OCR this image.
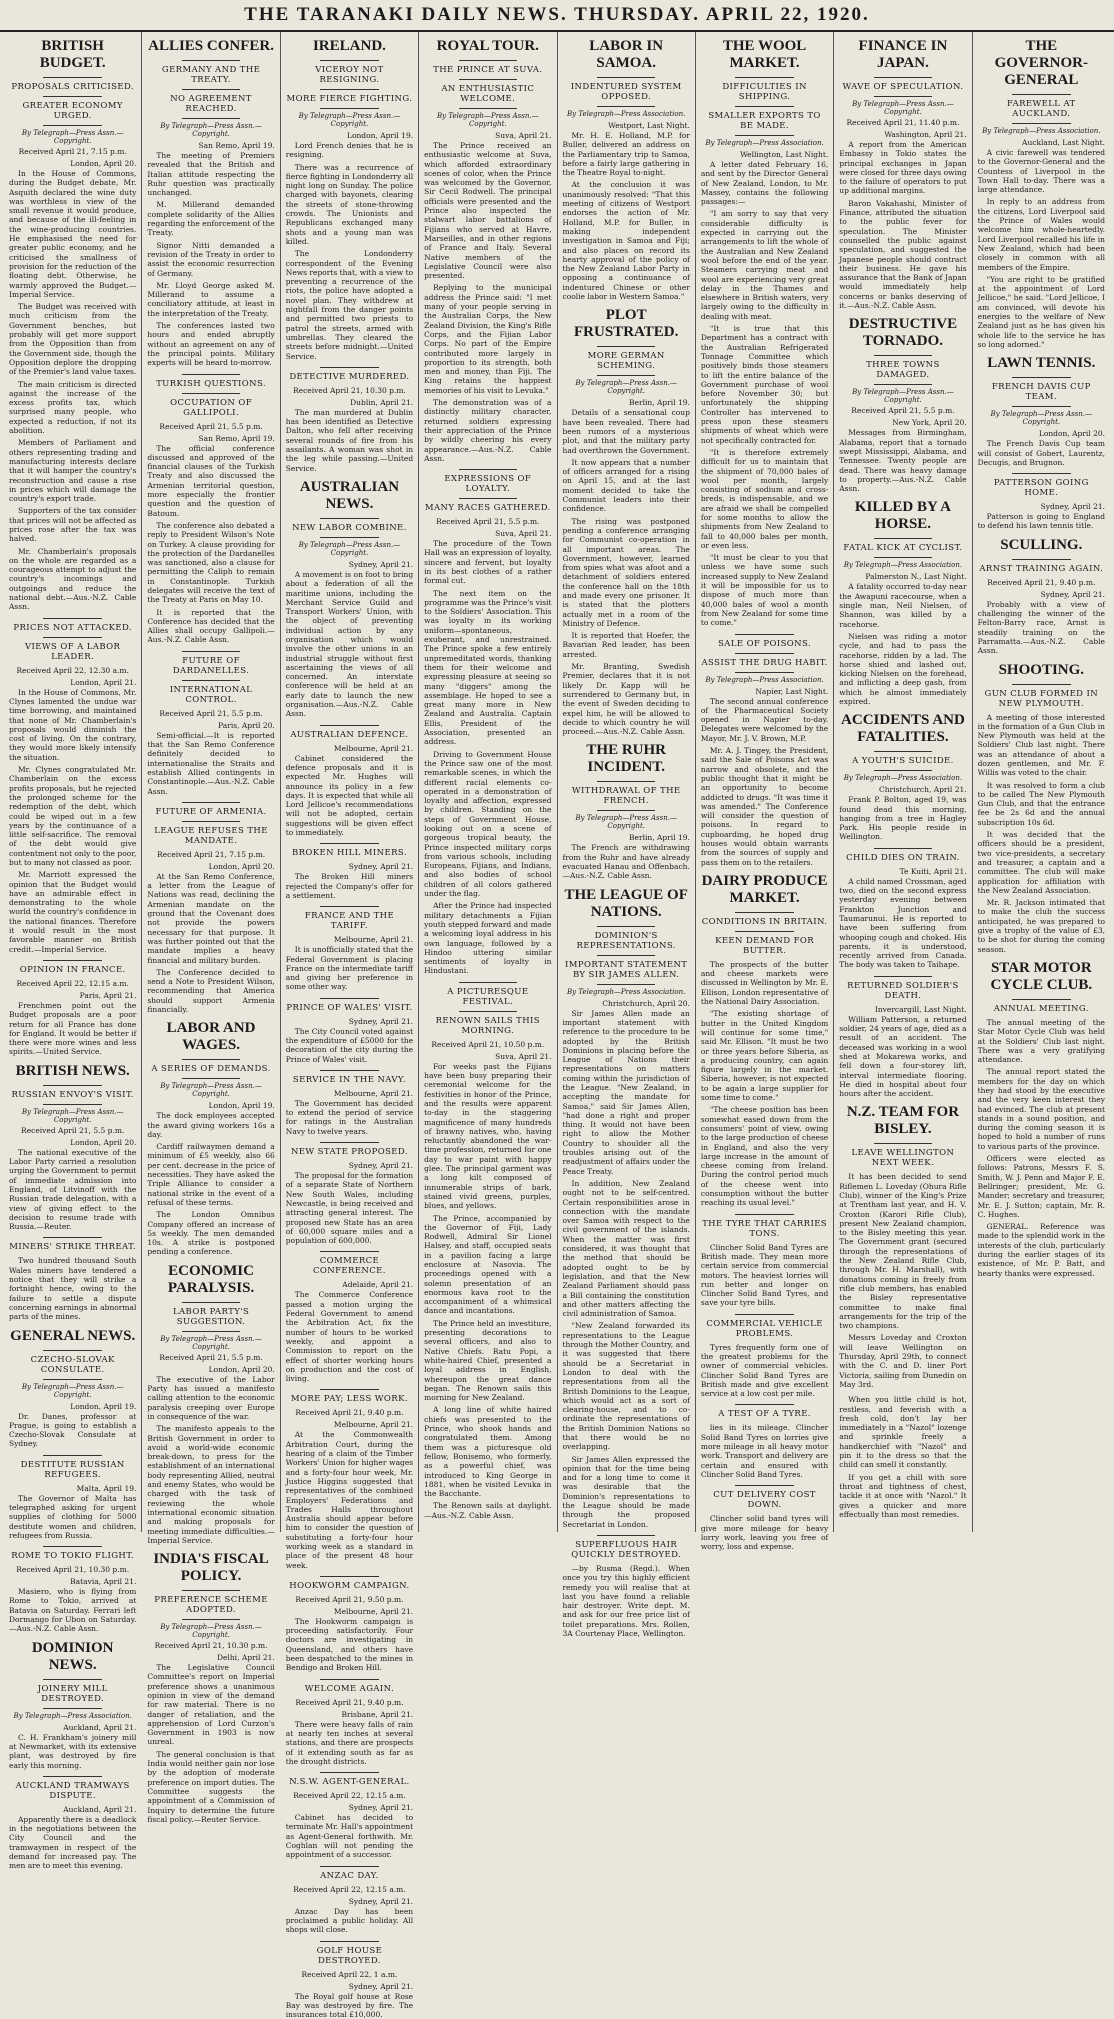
THE TARANAKI DAILY NEWS. THURSDAY. APRIL 22, 1920.
BRITISH BUDGET.
PROPOSALS CRITICISED.
GREATER ECONOMY URGED.
By Telegraph—Press Assn.—Copyright.
Received April 21, 7.15 p.m.
London, April 20.
In the House of Commons, during the Budget debate, Mr. Asquith declared the wine duty was worthless in view of the small revenue it would produce, and because of the ill-feeling in the wine-producing countries. He emphasised the need for greater public economy, and he criticised the smallness of provision for the reduction of the floating debt. Otherwise, he warmly approved the Budget.—Imperial Service.
The Budget was received with much criticism from the Government benches, but probably will get more support from the Opposition than from the Government side, though the Opposition deplore the dropping of the Premier's land value taxes.
The main criticism is directed against the increase of the excess profits tax, which surprised many people, who expected a reduction, if not its abolition.
Members of Parliament and others representing trading and manufacturing interests declare that it will hamper the country's reconstruction and cause a rise in prices which will damage the country's export trade.
Supporters of the tax consider that prices will not be affected as prices rose after the tax was halved.
Mr. Chamberlain's proposals on the whole are regarded as a courageous attempt to adjust the country's incomings and outgoings and reduce the national debt.—Aus.-N.Z. Cable Assn.
PRICES NOT ATTACKED.
VIEWS OF A LABOR LEADER.
Received April 22, 12.30 a.m.
London, April 21.
In the House of Commons, Mr. Clynes lamented the undue war time borrowing, and maintained that none of Mr. Chamberlain's proposals would diminish the cost of living. On the contrary, they would more likely intensify the situation.
Mr. Clynes congratulated Mr. Chamberlain on the excess profits proposals, but he rejected the prolonged scheme for the redemption of the debt, which could be wiped out in a few years by the continuance of a little self-sacrifice. The removal of the debt would give contentment not only to the poor, but to many not classed as poor.
Mr. Marriott expressed the opinion that the Budget would have an admirable effect in demonstrating to the whole world the country's confidence in the national finances. Therefore it would result in the most favorable manner on British credit.—Imperial Service.
OPINION IN FRANCE.
Received April 22, 12.15 a.m.
Paris, April 21.
Frenchmen point out the Budget proposals are a poor return for all France has done for England. It would be better if there were more wines and less spirits.—United Service.
BRITISH NEWS.
RUSSIAN ENVOY'S VISIT.
By Telegraph—Press Assn.—Copyright.
Received April 21, 5.5 p.m.
London, April 20.
The national executive of the Labor Party carried a resolution urging the Government to permit of immediate admission into England, of Litvinoff with the Russian trade delegation, with a view of giving effect to the decision to resume trade with Russia.—Reuter.
MINERS' STRIKE THREAT.
Two hundred thousand South Wales miners have tendered a notice that they will strike a fortnight hence, owing to the failure to settle a dispute concerning earnings in abnormal parts of the mines.
GENERAL NEWS.
CZECHO-SLOVAK CONSULATE.
By Telegraph—Press Assn.—Copyright.
London, April 19.
Dr. Danes, professor at Prague, is going to establish a Czecho-Slovak Consulate at Sydney.
DESTITUTE RUSSIAN REFUGEES.
Malta, April 19.
The Governor of Malta has telegraphed asking for urgent supplies of clothing for 5000 destitute women and children, refugees from Russia.
ROME TO TOKIO FLIGHT.
Received April 21, 10.30 p.m.
Batavia, April 21.
Masiero, who is flying from Rome to Tokio, arrived at Batavia on Saturday. Ferrari left Dormango for Ubon on Saturday.—Aus.-N.Z. Cable Assn.
DOMINION NEWS.
JOINERY MILL DESTROYED.
By Telegraph—Press Association.
Auckland, April 21.
C. H. Frankham's joinery mill at Newmarket, with its extensive plant, was destroyed by fire early this morning.
AUCKLAND TRAMWAYS DISPUTE.
Auckland, April 21.
Apparently there is a deadlock in the negotiations between the City Council and the tramwaymen in respect of the demand for increased pay. The men are to meet this evening.
ALLIES CONFER.
GERMANY AND THE TREATY.
NO AGREEMENT REACHED.
By Telegraph—Press Assn.—Copyright.
San Remo, April 19.
The meeting of Premiers revealed that the British and Italian attitude respecting the Ruhr question was practically unchanged.
M. Millerand demanded complete solidarity of the Allies regarding the enforcement of the Treaty.
Signor Nitti demanded a revision of the Treaty in order to assist the economic resurrection of Germany.
Mr. Lloyd George asked M. Millerand to assume a conciliatory attitude, at least in the interpretation of the Treaty.
The conferences lasted two hours and ended abruptly without an agreement on any of the principal points. Military experts will be heard to-morrow.
TURKISH QUESTIONS.
OCCUPATION OF GALLIPOLI.
Received April 21, 5.5 p.m.
San Remo, April 19.
The official conference discussed and approved of the financial clauses of the Turkish Treaty and also discussed the Armenian territorial question, more especially the frontier question and the question of Batoum.
The conference also debated a reply to President Wilson's Note on Turkey. A clause providing for the protection of the Dardanelles was sanctioned, also a clause for permitting the Caliph to remain in Constantinople. Turkish delegates will receive the text of the Treaty at Paris on May 10.
It is reported that the Conference has decided that the Allies shall occupy Gallipoli.—Aus.-N.Z. Cable Assn.
FUTURE OF DARDANELLES.
INTERNATIONAL CONTROL.
Received April 21, 5.5 p.m.
Paris, April 20.
Semi-official.—It is reported that the San Remo Conference definitely decided to internationalise the Straits and establish Allied contingents in Constantinople.—Aus.-N.Z. Cable Assn.
FUTURE OF ARMENIA.
LEAGUE REFUSES THE MANDATE.
Received April 21, 7.15 p.m.
London, April 20.
At the San Remo Conference, a letter from the League of Nations was read, declining the Armenian mandate on the ground that the Covenant does not provide the powers necessary for that purpose. It was further pointed out that the mandate implies a heavy financial and military burden.
The Conference decided to send a Note to President Wilson, recommending that America should support Armenia financially.
LABOR AND WAGES.
A SERIES OF DEMANDS.
By Telegraph—Press Assn.—Copyright.
London, April 19.
The dock employees accepted the award giving workers 16s a day.
Cardiff railwaymen demand a minimum of £5 weekly, also 66 per cent. decrease in the price of necessities. They have asked the Triple Alliance to consider a national strike in the event of a refusal of these terms.
The London Omnibus Company offered an increase of 5s weekly. The men demanded 10s. A strike is postponed pending a conference.
ECONOMIC PARALYSIS.
LABOR PARTY'S SUGGESTION.
By Telegraph—Press Assn.—Copyright.
Received April 21, 5.5 p.m.
London, April 20.
The executive of the Labor Party has issued a manifesto calling attention to the economic paralysis creeping over Europe in consequence of the war.
The manifesto appeals to the British Government in order to avoid a world-wide economic break-down, to press for the establishment of an international body representing Allied, neutral and enemy States, who would be charged with the task of reviewing the whole international economic situation and making proposals for meeting immediate difficulties.—Imperial Service.
INDIA'S FISCAL POLICY.
PREFERENCE SCHEME ADOPTED.
By Telegraph—Press Assn.—Copyright.
Received April 21, 10.30 p.m.
Delhi, April 21.
The Legislative Council Committee's report on Imperial preference shows a unanimous opinion in view of the demand for raw material. There is no danger of retaliation, and the apprehension of Lord Curzon's Government in 1903 is now unreal.
The general conclusion is that India would neither gain nor lose by the adoption of moderate preference on import duties. The Committee suggests the appointment of a Commission of Inquiry to determine the future fiscal policy.—Reuter Service.
IRELAND.
VICEROY NOT RESIGNING.
MORE FIERCE FIGHTING.
By Telegraph—Press Assn.—Copyright.
London, April 19.
Lord French denies that he is resigning.
There was a recurrence of fierce fighting in Londonderry all night long on Sunday. The police charged with bayonets, clearing the streets of stone-throwing crowds. The Unionists and Republicans exchanged many shots and a young man was killed.
The Londonderry correspondent of the Evening News reports that, with a view to preventing a recurrence of the riots, the police have adopted a novel plan. They withdrew at nightfall from the danger points and permitted two priests to patrol the streets, armed with umbrellas. They cleared the streets before midnight.—United Service.
DETECTIVE MURDERED.
Received April 21, 10.30 p.m.
Dublin, April 21.
The man murdered at Dublin has been identified as Detective Dalton, who fell after receiving several rounds of fire from his assailants. A woman was shot in the leg while passing.—United Service.
AUSTRALIAN NEWS.
NEW LABOR COMBINE.
By Telegraph—Press Assn.—Copyright.
Sydney, April 21.
A movement is on foot to bring about a federation of all the maritime unions, including the Merchant Service Guild and Transport Workers' Union, with the object of preventing individual action by any organisation which would involve the other unions in an industrial struggle without first ascertaining the views of all concerned. An interstate conference will be held at an early date to launch the new organisation.—Aus.-N.Z. Cable Assn.
AUSTRALIAN DEFENCE.
Melbourne, April 21.
Cabinet considered the defence proposals and it is expected Mr. Hughes will announce its policy in a few days. It is expected that while all Lord Jellicoe's recommendations will not be adopted, certain suggestions will be given effect to immediately.
BROKEN HILL MINERS.
Sydney, April 21.
The Broken Hill miners rejected the Company's offer for a settlement.
FRANCE AND THE TARIFF.
Melbourne, April 21.
It is unofficially stated that the Federal Government is placing France on the intermediate tariff and giving her preference in some other way.
PRINCE OF WALES' VISIT.
Sydney, April 21.
The City Council voted against the expenditure of £5000 for the decoration of the city during the Prince of Wales' visit.
SERVICE IN THE NAVY.
Melbourne, April 21.
The Government has decided to extend the period of service for ratings in the Australian Navy to twelve years.
NEW STATE PROPOSED.
Sydney, April 21.
The proposal for the formation of a separate State of Northern New South Wales, including Newcastle, is being received and attracting general interest. The proposed new State has an area of 60,000 square miles and a population of 600,000.
COMMERCE CONFERENCE.
Adelaide, April 21.
The Commerce Conference passed a motion urging the Federal Government to amend the Arbitration Act, fix the number of hours to be worked weekly, and appoint a Commission to report on the effect of shorter working hours on production and the cost of living.
MORE PAY; LESS WORK.
Received April 21, 9.40 p.m.
Melbourne, April 21.
At the Commonwealth Arbitration Court, during the hearing of a claim of the Timber Workers' Union for higher wages and a forty-four hour week, Mr. Justice Higgins suggested that representatives of the combined Employers' Federations and Trades Halls throughout Australia should appear before him to consider the question of substituting a forty-four hour working week as a standard in place of the present 48 hour week.
HOOKWORM CAMPAIGN.
Received April 21, 9.50 p.m.
Melbourne, April 21.
The Hookworm campaign is proceeding satisfactorily. Four doctors are investigating in Queensland, and others have been despatched to the mines in Bendigo and Broken Hill.
WELCOME AGAIN.
Received April 21, 9.40 p.m.
Brisbane, April 21.
There were heavy falls of rain at nearly ten inches at several stations, and there are prospects of it extending south as far as the drought districts.
N.S.W. AGENT-GENERAL.
Received April 22, 12.15 a.m.
Sydney, April 21.
Cabinet has decided to terminate Mr. Hall's appointment as Agent-General forthwith. Mr. Coghlan will not pending the appointment of a successor.
ANZAC DAY.
Received April 22, 12.15 a.m.
Sydney, April 21.
Anzac Day has been proclaimed a public holiday. All shops will close.
GOLF HOUSE DESTROYED.
Received April 22, 1 a.m.
Sydney, April 21.
The Royal golf house at Rose Bay was destroyed by fire. The insurances total £10,000.
ROYAL TOUR.
THE PRINCE AT SUVA.
AN ENTHUSIASTIC WELCOME.
By Telegraph—Press Assn.—Copyright.
Suva, April 21.
The Prince received an enthusiastic welcome at Suva, which afforded extraordinary scenes of color, when the Prince was welcomed by the Governor, Sir Cecil Rodwell. The principal officials were presented and the Prince also inspected the stalwart labor battalions of Fijians who served at Havre, Marseilles, and in other regions of France and Italy. Several Native members of the Legislative Council were also presented.
Replying to the municipal address the Prince said: "I met many of your people serving in the Australian Corps, the New Zealand Division, the King's Rifle Corps, and the Fijian Labor Corps. No part of the Empire contributed more largely in proportion to its strength, both men and money, than Fiji. The King retains the happiest memories of his visit to Levuka."
The demonstration was of a distinctly military character, returned soldiers expressing their appreciation of the Prince by wildly cheering his every appearance.—Aus.-N.Z. Cable Assn.
EXPRESSIONS OF LOYALTY.
MANY RACES GATHERED.
Received April 21, 5.5 p.m.
Suva, April 21.
The procedure of the Town Hall was an expression of loyalty, sincere and fervent, but loyalty in its best clothes of a rather formal cut.
The next item on the programme was the Prince's visit to the Soldiers' Association. This was loyalty in its working uniform—spontaneous, exuberant, and unrestrained. The Prince spoke a few entirely unpremeditated words, thanking them for their welcome and expressing pleasure at seeing so many "diggers" among the assemblage. He hoped to see a great many more in New Zealand and Australia. Captain Ellis, President of the Association, presented an address.
Driving to Government House the Prince saw one of the most remarkable scenes, in which the different racial elements co-operated in a demonstration of loyalty and affection, expressed by children. Standing on the steps of Government House, looking out on a scene of gorgeous tropical beauty, the Prince inspected military corps from various schools, including Europeans, Fijians, and Indians, and also bodies of school children of all colors gathered under the flag.
After the Prince had inspected military detachments a Fijian youth stepped forward and made a welcoming loyal address in his own language, followed by a Hindoo uttering similar sentiments of loyalty in Hindustani.
A PICTURESQUE FESTIVAL.
RENOWN SAILS THIS MORNING.
Received April 21, 10.50 p.m.
Suva, April 21.
For weeks past the Fijians have been busy preparing their ceremonial welcome for the festivities in honor of the Prince, and the results were apparent to-day in the staggering magnificence of many hundreds of brawny natives, who, having reluctantly abandoned the war-time profession, returned for one day to war paint with happy glee. The principal garment was a long kilt composed of innumerable strips of bark, stained vivid greens, purples, blues, and yellows.
The Prince, accompanied by the Governor of Fiji, Lady Rodwell, Admiral Sir Lionel Halsey, and staff, occupied seats in a pavilion facing a large enclosure at Nasovia. The proceedings opened with a solemn presentation of an enormous kava root to the accompaniment of a whimsical dance and incantations.
The Prince held an investiture, presenting decorations to several officers, and also to Native Chiefs. Ratu Popi, a white-haired Chief, presented a loyal address in English, whereupon the great dance began. The Renown sails this morning for New Zealand.
A long line of white haired chiefs was presented to the Prince, who shook hands and congratulated them. Among them was a picturesque old fellow, Bonisemo, who formerly, as a powerful chief, was introduced to King George in 1881, when he visited Levuka in the Bacchante.
The Renown sails at daylight.—Aus.-N.Z. Cable Assn.
LABOR IN SAMOA.
INDENTURED SYSTEM OPPOSED.
By Telegraph—Press Association.
Westport, Last Night.
Mr. H. E. Holland, M.P. for Buller, delivered an address on the Parliamentary trip to Samoa, before a fairly large gathering in the Theatre Royal to-night.
At the conclusion it was unanimously resolved: "That this meeting of citizens of Westport endorses the action of Mr. Holland, M.P. for Buller, in making independent investigation in Samoa and Fiji; and also places on record its hearty approval of the policy of the New Zealand Labor Party in opposing a continuance of indentured Chinese or other coolie labor in Western Samoa."
PLOT FRUSTRATED.
MORE GERMAN SCHEMING.
By Telegraph—Press Assn.—Copyright.
Berlin, April 19.
Details of a sensational coup have been revealed. There had been rumors of a mysterious plot, and that the military party had overthrown the Government.
It now appears that a number of officers arranged for a rising on April 15, and at the last moment decided to take the Communist leaders into their confidence.
The rising was postponed pending a conference arranging for Communist co-operation in all important areas. The Government, however, learned from spies what was afoot and a detachment of soldiers entered the conference hall on the 18th and made every one prisoner. It is stated that the plotters actually met in a room of the Ministry of Defence.
It is reported that Hoefer, the Bavarian Red leader, has been arrested.
Mr. Branting, Swedish Premier, declares that it is not likely Dr. Kapp will be surrendered to Germany but, in the event of Sweden deciding to expel him, he will be allowed to decide to which country he will proceed.—Aus.-N.Z. Cable Assn.
THE RUHR INCIDENT.
WITHDRAWAL OF THE FRENCH.
By Telegraph—Press Assn.—Copyright.
Berlin, April 19.
The French are withdrawing from the Ruhr and have already evacuated Hanau and Offenbach.—Aus.-N.Z. Cable Assn.
THE LEAGUE OF NATIONS.
DOMINION'S REPRESENTATIONS.
IMPORTANT STATEMENT BY SIR JAMES ALLEN.
By Telegraph—Press Association.
Christchurch, April 20.
Sir James Allen made an important statement with reference to the procedure to be adopted by the British Dominions in placing before the League of Nations their representations on matters coming within the jurisdiction of the League. "New Zealand, in accepting the mandate for Samoa," said Sir James Allen, "had done a right and proper thing. It would not have been right to allow the Mother Country to shoulder all the troubles arising out of the readjustment of affairs under the Peace Treaty.
In addition, New Zealand ought not to be self-centred. Certain responsibilities arose in connection with the mandate over Samoa with respect to the civil government of the islands. When the matter was first considered, it was thought that the method that should be adopted ought to be by legislation, and that the New Zealand Parliament should pass a Bill containing the constitution and other matters affecting the civil administration of Samoa.
"New Zealand forwarded its representations to the League through the Mother Country, and it was suggested that there should be a Secretariat in London to deal with the representations from all the British Dominions to the League, which would act as a sort of clearing-house, and to co-ordinate the representations of the British Dominion Nations so that there would be no overlapping.
Sir James Allen expressed the opinion that for the time being and for a long time to come it was desirable that the Dominion's representations to the League should be made through the proposed Secretariat in London.
SUPERFLUOUS HAIR QUICKLY DESTROYED.
—by Rusma (Regd.). When once you try this highly efficient remedy you will realise that at last you have found a reliable hair destroyer. Write dept. M. and ask for our free price list of toilet preparations. Mrs. Rollen, 3A Courtenay Place, Wellington.
THE WOOL MARKET.
DIFFICULTIES IN SHIPPING.
SMALLER EXPORTS TO BE MADE.
By Telegraph—Press Association.
Wellington, Last Night.
A letter dated February 16, and sent by the Director General of New Zealand, London, to Mr. Massey, contains the following passages:—
"I am sorry to say that very considerable difficulty is expected in carrying out the arrangements to lift the whole of the Australian and New Zealand wool before the end of the year. Steamers carrying meat and wool are experiencing very great delay in the Thames and elsewhere in British waters, very largely owing to the difficulty in dealing with meat.
"It is true that this Department has a contract with the Australian Refrigerated Tonnage Committee which positively binds those steamers to lift the entire balance of the Government purchase of wool before November 30; but unfortunately the shipping Controller has intervened to press upon these steamers shipments of wheat which were not specifically contracted for.
"It is therefore extremely difficult for us to maintain that the shipment of 70,000 bales of wool per month, largely consisting of sodium and cross-breds, is indispensable, and we are afraid we shall be compelled for some months to allow the shipments from New Zealand to fall to 40,000 bales per month, or even less.
"It must be clear to you that unless we have some such increased supply to New Zealand it will be impossible for us to dispose of much more than 40,000 bales of wool a month from New Zealand for some time to come."
SALE OF POISONS.
ASSIST THE DRUG HABIT.
By Telegraph—Press Association.
Napier, Last Night.
The second annual conference of the Pharmaceutical Society opened in Napier to-day. Delegates were welcomed by the Mayor, Mr. J. V. Brown, M.P.
Mr. A. J. Tingey, the President, said the Sale of Poisons Act was narrow and obsolete, and the public thought that it might be an opportunity to become addicted to drugs. "It was time it was amended." The Conference will consider the question of poisons. In regard to cupboarding, he hoped drug houses would obtain warrants from the sources of supply and pass them on to the retailers.
DAIRY PRODUCE MARKET.
CONDITIONS IN BRITAIN.
KEEN DEMAND FOR BUTTER.
The prospects of the butter and cheese markets were discussed in Wellington by Mr. E. Ellison, London representative of the National Dairy Association.
"The existing shortage of butter in the United Kingdom will continue for some time," said Mr. Ellison. "It must be two or three years before Siberia, as a producing country, can again figure largely in the market. Siberia, however, is not expected to be again a large supplier for some time to come."
"The cheese position has been somewhat eased down from the consumers' point of view, owing to the large production of cheese in England, and also the very large increase in the amount of cheese coming from Ireland. During the control period much of the cheese went into consumption without the butter reaching its usual level."
THE TYRE THAT CARRIES TONS.
Clincher Solid Band Tyres are British made. They mean more certain service from commercial motors. The heaviest lorries will run better and longer on Clincher Solid Band Tyres, and save your tyre bills.
COMMERCIAL VEHICLE PROBLEMS.
Tyres frequently form one of the greatest problems for the owner of commercial vehicles. Clincher Solid Band Tyres are British made and give excellent service at a low cost per mile.
A TEST OF A TYRE.
lies in its mileage. Clincher Solid Band Tyres on lorries give more mileage in all heavy motor work. Transport and delivery are certain and ensured with Clincher Solid Band Tyres.
CUT DELIVERY COST DOWN.
Clincher solid band tyres will give more mileage for heavy lorry work, leaving you free of worry, loss and expense.
FINANCE IN JAPAN.
WAVE OF SPECULATION.
By Telegraph—Press Assn.—Copyright.
Received April 21, 11.40 p.m.
Washington, April 21.
A report from the American Embassy in Tokio states the principal exchanges in Japan were closed for three days owing to the failure of operators to put up additional margins.
Baron Vakahashi, Minister of Finance, attributed the situation to the public fever for speculation. The Minister counselled the public against speculation, and suggested the Japanese people should contract their business. He gave his assurance that the Bank of Japan would immediately help concerns or banks deserving of it.—Aus.-N.Z. Cable Assn.
DESTRUCTIVE TORNADO.
THREE TOWNS DAMAGED.
By Telegraph—Press Assn.—Copyright.
Received April 21, 5.5 p.m.
New York, April 20.
Messages from Birmingham, Alabama, report that a tornado swept Mississippi, Alabama, and Tennessee. Twenty people are dead. There was heavy damage to property.—Aus.-N.Z. Cable Assn.
KILLED BY A HORSE.
FATAL KICK AT CYCLIST.
By Telegraph—Press Association.
Palmerston N., Last Night.
A fatality occurred to-day near the Awapuni racecourse, when a single man, Neil Nielsen, of Shannon, was killed by a racehorse.
Nielsen was riding a motor cycle, and had to pass the racehorse, ridden by a lad. The horse shied and lashed out, kicking Nielsen on the forehead, and inflicting a deep gash, from which he almost immediately expired.
ACCIDENTS AND FATALITIES.
A YOUTH'S SUICIDE.
By Telegraph—Press Association.
Christchurch, April 21.
Frank P. Bolton, aged 19, was found dead this morning, hanging from a tree in Hagley Park. His people reside in Wellington.
CHILD DIES ON TRAIN.
Te Kuiti, April 21.
A child named Crossman, aged two, died on the second express yesterday evening between Frankton Junction and Taumarunui. He is reported to have been suffering from whooping cough and choked. His parents, it is understood, recently arrived from Canada. The body was taken to Taihape.
RETURNED SOLDIER'S DEATH.
Invercargill, Last Night.
William Patterson, a returned soldier, 24 years of age, died as a result of an accident. The deceased was working in a wool shed at Mokarewa works, and fell down a four-storey lift, interval intermediate flooring. He died in hospital about four hours after the accident.
N.Z. TEAM FOR BISLEY.
LEAVE WELLINGTON NEXT WEEK.
It has been decided to send Riflemen L. Loveday (Ohura Rifle Club), winner of the King's Prize at Trentham last year, and H. V. Croxton (Karori Rifle Club), present New Zealand champion, to the Bisley meeting this year. The Government grant (secured through the representations of the New Zealand Rifle Club, through Mr. H. Marshall), with donations coming in freely from rifle club members, has enabled the Bisley representative committee to make final arrangements for the trip of the two champions.
Messrs Loveday and Croxton will leave Wellington on Thursday, April 29th, to connect with the C. and D. liner Port Victoria, sailing from Dunedin on May 3rd.
When you little child is hot, restless, and feverish with a fresh cold, don't lay her immediately in a "Nazol" lozenge and sprinkle freely a handkerchief with "Nazol" and pin it to the dress so that the child can smell it constantly.
If you get a chill with sore throat and tightness of chest, tackle it at once with "Nazol." It gives a quicker and more effectually than most remedies.
THE GOVERNOR-GENERAL
FAREWELL AT AUCKLAND.
By Telegraph—Press Association.
Auckland, Last Night.
A civic farewell was tendered to the Governor-General and the Countess of Liverpool in the Town Hall to-day. There was a large attendance.
In reply to an address from the citizens, Lord Liverpool said the Prince of Wales would welcome him whole-heartedly. Lord Liverpool recalled his life in New Zealand, which had been closely in common with all members of the Empire.
"You are right to be gratified at the appointment of Lord Jellicoe," he said. "Lord Jellicoe, I am convinced, will devote his energies to the welfare of New Zealand just as he has given his whole life to the service he has so long adorned."
LAWN TENNIS.
FRENCH DAVIS CUP TEAM.
By Telegraph—Press Assn.—Copyright.
London, April 20.
The French Davis Cup team will consist of Gobert, Laurentz, Decugis, and Brugnon.
PATTERSON GOING HOME.
Sydney, April 21.
Patterson is going to England to defend his lawn tennis title.
SCULLING.
ARNST TRAINING AGAIN.
Received April 21, 9.40 p.m.
Sydney, April 21.
Probably with a view of challenging the winner of the Felton-Barry race, Arnst is steadily training on the Parramatta.—Aus.-N.Z. Cable Assn.
SHOOTING.
GUN CLUB FORMED IN NEW PLYMOUTH.
A meeting of those interested in the formation of a Gun Club in New Plymouth was held at the Soldiers' Club last night. There was an attendance of about a dozen gentlemen, and Mr. F. Willis was voted to the chair.
It was resolved to form a club to be called The New Plymouth Gun Club, and that the entrance fee be 2s 6d and the annual subscription 10s 6d.
It was decided that the officers should be a president, two vice-presidents, a secretary and treasurer, a captain and a committee. The club will make application for affiliation with the New Zealand Association.
Mr. R. Jackson intimated that to make the club the success anticipated, he was prepared to give a trophy of the value of £3, to be shot for during the coming season.
STAR MOTOR CYCLE CLUB.
ANNUAL MEETING.
The annual meeting of the Star Motor Cycle Club was held at the Soldiers' Club last night. There was a very gratifying attendance.
The annual report stated the members for the day on which they had stood by the executive and the very keen interest they had evinced. The club at present stands in a sound position, and during the coming season it is hoped to hold a number of runs to various parts of the province.
Officers were elected as follows: Patrons, Messrs F. S. Smith, W. J. Penn and Major F. E. Bellringer; president, Mr. G. Mander; secretary and treasurer, Mr. E. J. Sutton; captain, Mr. R. C. Hughes.
GENERAL. Reference was made to the splendid work in the interests of the club, particularly during the earlier stages of its existence, of Mr. P. Batt, and hearty thanks were expressed.
